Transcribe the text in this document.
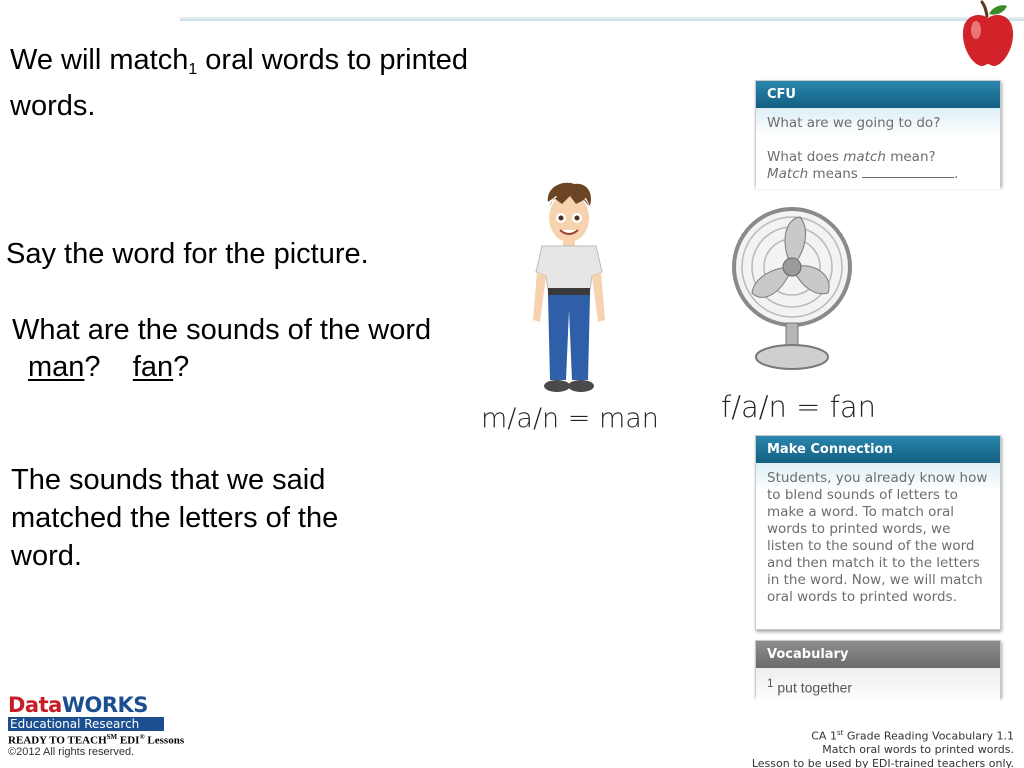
Learning Objective
We will match$_1$ oral words to printed words.
Activate Prior Knowledge
Say the word for the picture.
What are the sounds of the word
man? fan?
The sounds that we said matched the letters of the word.
m/a/n = man f/a/n = fan
CFU
What are we going to do?
What does match mean?
Match means	.
Make Connection
Students, you already know how to blend sounds of letters to make a word. To match oral words to printed words, we listen to the sound of the word and then match it to the letters in the word. Now, we will match oral words to printed words.
Vocabulary
$^1$ put together
DataWORKS
Educational Research
READY TO TEACH℠ EDI® Lessons
©2012 All rights reserved.
CA 1st Grade Reading Vocabulary 1.1
Match oral words to printed words.
Lesson to be used by EDI-trained teachers only.
